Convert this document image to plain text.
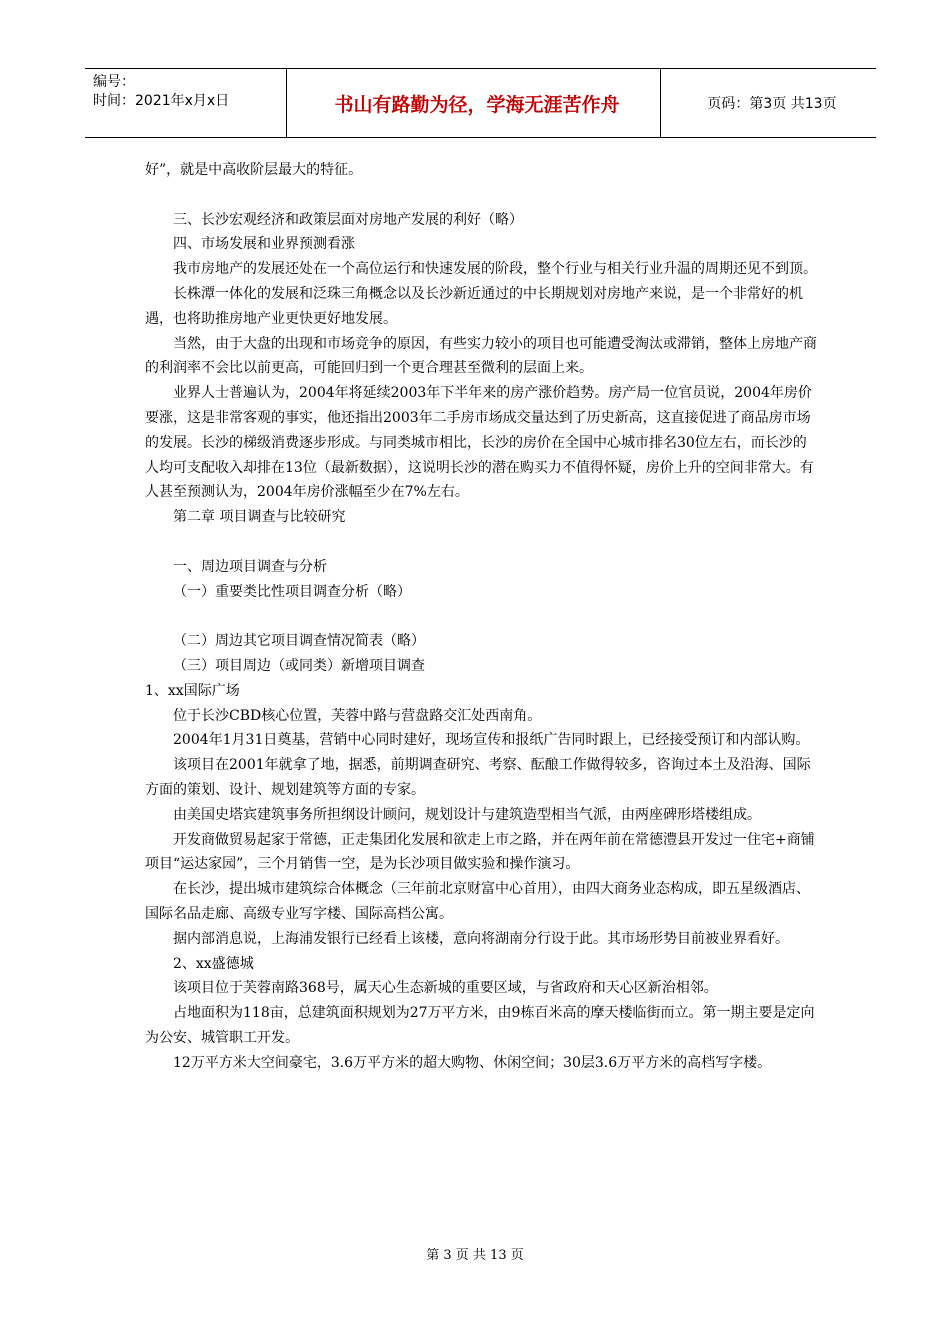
编号：
时间：2021年x月x日	书山有路勤为径，学海无涯苦作舟	页码：第3页 共13页

好”，就是中高收阶层最大的特征。

三、长沙宏观经济和政策层面对房地产发展的利好（略）

四、市场发展和业界预测看涨

我市房地产的发展还处在一个高位运行和快速发展的阶段，整个行业与相关行业升温的周期还见不到顶。

长株潭一体化的发展和泛珠三角概念以及长沙新近通过的中长期规划对房地产来说，是一个非常好的机遇，也将助推房地产业更快更好地发展。

当然，由于大盘的出现和市场竞争的原因，有些实力较小的项目也可能遭受淘汰或滞销，整体上房地产商的利润率不会比以前更高，可能回归到一个更合理甚至微利的层面上来。

业界人士普遍认为，2004年将延续2003年下半年来的房产涨价趋势。房产局一位官员说，2004年房价要涨，这是非常客观的事实，他还指出2003年二手房市场成交量达到了历史新高，这直接促进了商品房市场的发展。长沙的梯级消费逐步形成。与同类城市相比，长沙的房价在全国中心城市排名30位左右，而长沙的人均可支配收入却排在13位（最新数据），这说明长沙的潜在购买力不值得怀疑，房价上升的空间非常大。有人甚至预测认为，2004年房价涨幅至少在7%左右。

第二章 项目调查与比较研究

一、周边项目调查与分析

（一）重要类比性项目调查分析（略）

（二）周边其它项目调查情况简表（略）

（三）项目周边（或同类）新增项目调查

1、xx国际广场

位于长沙CBD核心位置，芙蓉中路与营盘路交汇处西南角。

2004年1月31日奠基，营销中心同时建好，现场宣传和报纸广告同时跟上，已经接受预订和内部认购。

该项目在2001年就拿了地，据悉，前期调查研究、考察、酝酿工作做得较多，咨询过本土及沿海、国际方面的策划、设计、规划建筑等方面的专家。

由美国史塔宾建筑事务所担纲设计顾问，规划设计与建筑造型相当气派，由两座碑形塔楼组成。

开发商做贸易起家于常德，正走集团化发展和欲走上市之路，并在两年前在常德澧县开发过一住宅+商铺项目“运达家园”，三个月销售一空，是为长沙项目做实验和操作演习。

在长沙，提出城市建筑综合体概念（三年前北京财富中心首用），由四大商务业态构成，即五星级酒店、国际名品走廊、高级专业写字楼、国际高档公寓。

据内部消息说，上海浦发银行已经看上该楼，意向将湖南分行设于此。其市场形势目前被业界看好。

2、xx盛德城

该项目位于芙蓉南路368号，属天心生态新城的重要区域，与省政府和天心区新治相邻。

占地面积为118亩，总建筑面积规划为27万平方米，由9栋百米高的摩天楼临街而立。第一期主要是定向为公安、城管职工开发。

12万平方米大空间豪宅，3.6万平方米的超大购物、休闲空间；30层3.6万平方米的高档写字楼。

第 3 页 共 13 页
